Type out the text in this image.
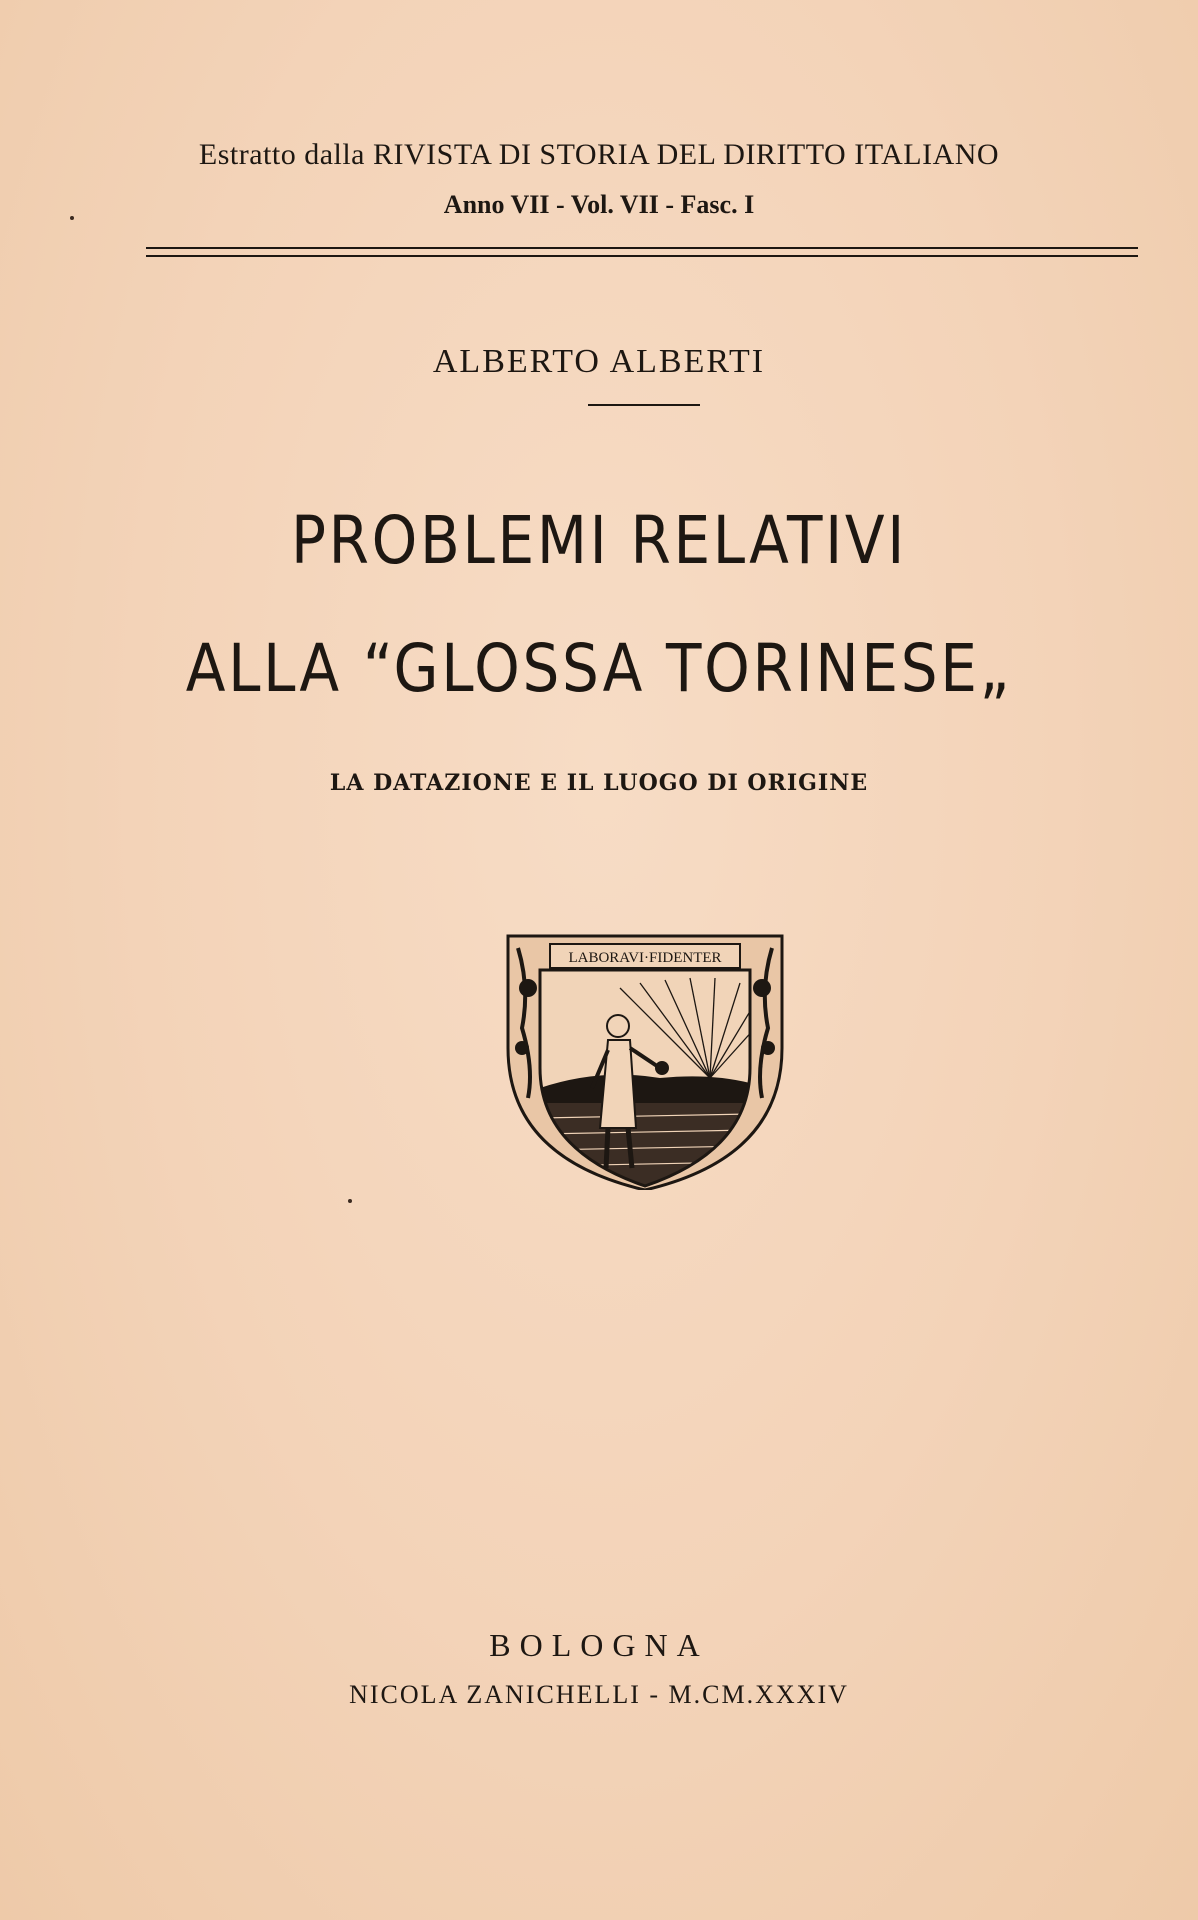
Estratto dalla RIVISTA DI STORIA DEL DIRITTO ITALIANO
Anno VII - Vol. VII - Fasc. I
ALBERTO ALBERTI
PROBLEMI RELATIVI
ALLA “GLOSSA TORINESE„
LA DATAZIONE E IL LUOGO DI ORIGINE
LABORAVI·FIDENTER
BOLOGNA
NICOLA ZANICHELLI - M.CM.XXXIV
